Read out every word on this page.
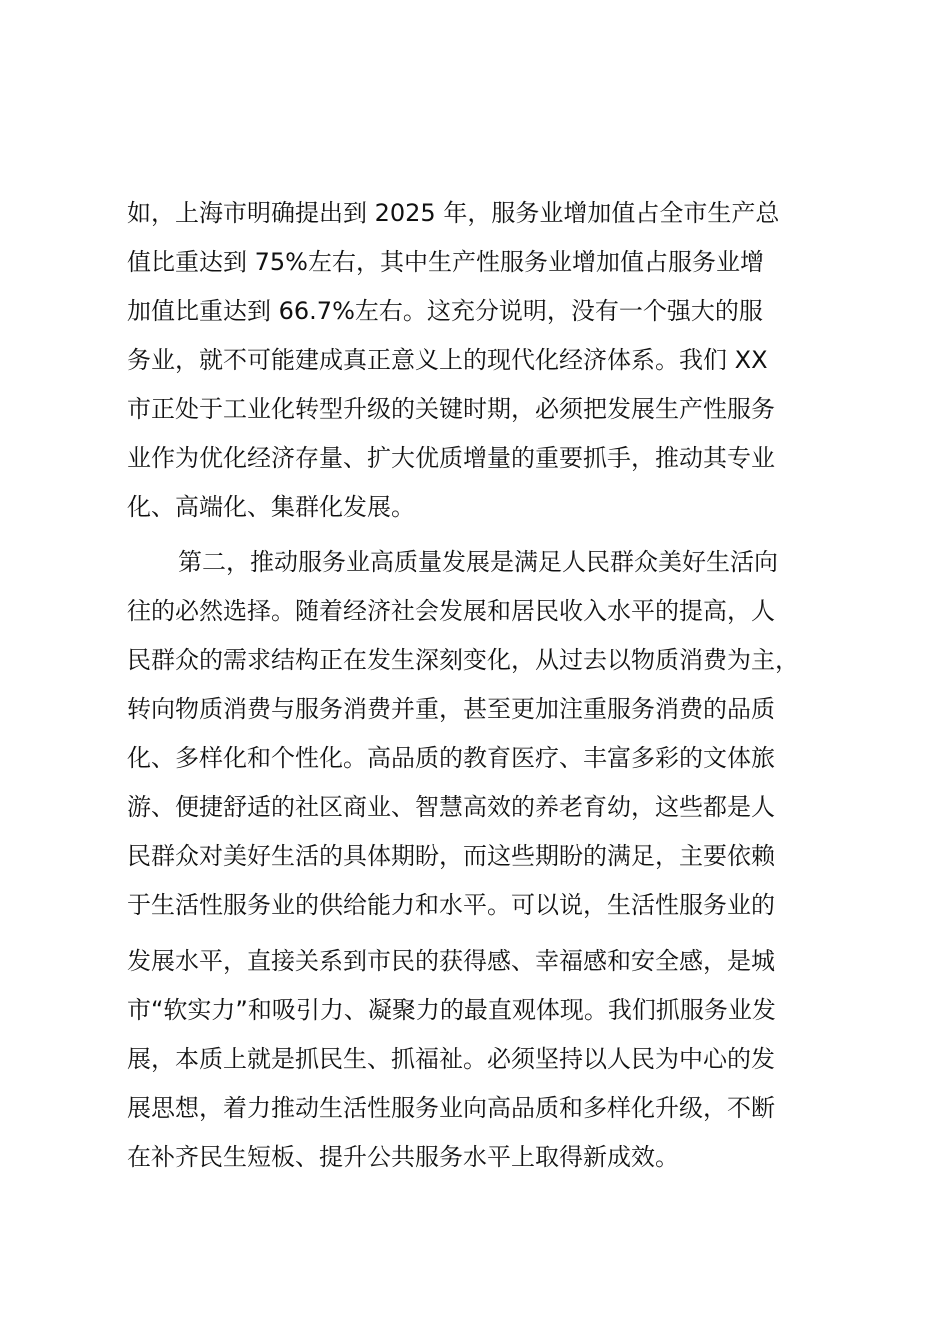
如，上海市明确提出到 2025 年，服务业增加值占全市生产总
值比重达到 75%左右，其中生产性服务业增加值占服务业增
加值比重达到 66.7%左右。这充分说明，没有一个强大的服
务业，就不可能建成真正意义上的现代化经济体系。我们 XX
市正处于工业化转型升级的关键时期，必须把发展生产性服务
业作为优化经济存量、扩大优质增量的重要抓手，推动其专业
化、高端化、集群化发展。
第二，推动服务业高质量发展是满足人民群众美好生活向
往的必然选择。随着经济社会发展和居民收入水平的提高，人
民群众的需求结构正在发生深刻变化，从过去以物质消费为主，
转向物质消费与服务消费并重，甚至更加注重服务消费的品质
化、多样化和个性化。高品质的教育医疗、丰富多彩的文体旅
游、便捷舒适的社区商业、智慧高效的养老育幼，这些都是人
民群众对美好生活的具体期盼，而这些期盼的满足，主要依赖
于生活性服务业的供给能力和水平。可以说，生活性服务业的
发展水平，直接关系到市民的获得感、幸福感和安全感，是城
市“软实力”和吸引力、凝聚力的最直观体现。我们抓服务业发
展，本质上就是抓民生、抓福祉。必须坚持以人民为中心的发
展思想，着力推动生活性服务业向高品质和多样化升级，不断
在补齐民生短板、提升公共服务水平上取得新成效。
